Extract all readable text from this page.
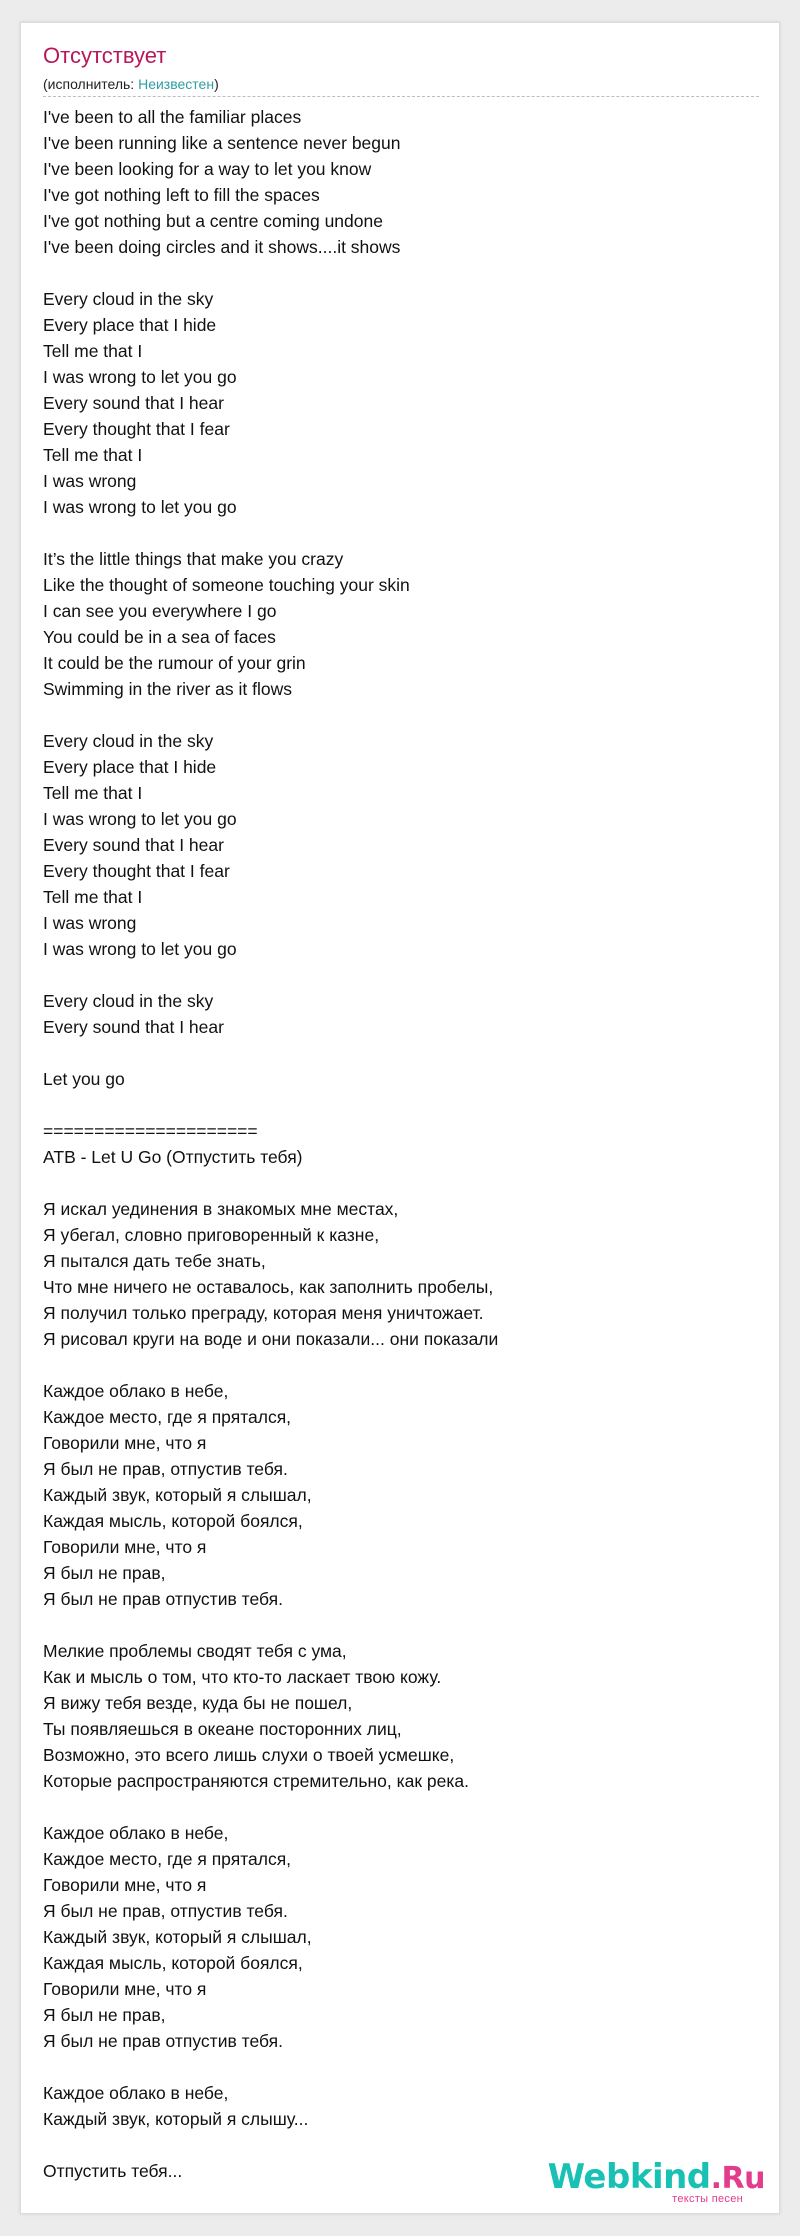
Отсутствует
(исполнитель: Неизвестен)
I've been to all the familiar places
I've been running like a sentence never begun
I've been looking for a way to let you know
I've got nothing left to fill the spaces
I've got nothing but a centre coming undone
I've been doing circles and it shows....it shows
Every cloud in the sky
Every place that I hide
Tell me that I
I was wrong to let you go
Every sound that I hear
Every thought that I fear
Tell me that I
I was wrong
I was wrong to let you go
It’s the little things that make you crazy
Like the thought of someone touching your skin
I can see you everywhere I go
You could be in a sea of faces
It could be the rumour of your grin
Swimming in the river as it flows
Every cloud in the sky
Every place that I hide
Tell me that I
I was wrong to let you go
Every sound that I hear
Every thought that I fear
Tell me that I
I was wrong
I was wrong to let you go
Every cloud in the sky
Every sound that I hear
Let you go
=====================
ATB - Let U Go (Отпустить тебя)
Я искал уединения в знакомых мне местах,
Я убегал, словно приговоренный к казне,
Я пытался дать тебе знать,
Что мне ничего не оставалось, как заполнить пробелы,
Я получил только преграду, которая меня уничтожает.
Я рисовал круги на воде и они показали... они показали
Каждое облако в небе,
Каждое место, где я прятался,
Говорили мне, что я
Я был не прав, отпустив тебя.
Каждый звук, который я слышал,
Каждая мысль, которой боялся,
Говорили мне, что я
Я был не прав,
Я был не прав отпустив тебя.
Мелкие проблемы сводят тебя с ума,
Как и мысль о том, что кто-то ласкает твою кожу.
Я вижу тебя везде, куда бы не пошел,
Ты появляешься в океане посторонних лиц,
Возможно, это всего лишь слухи о твоей усмешке,
Которые распространяются стремительно, как река.
Каждое облако в небе,
Каждое место, где я прятался,
Говорили мне, что я
Я был не прав, отпустив тебя.
Каждый звук, который я слышал,
Каждая мысль, которой боялся,
Говорили мне, что я
Я был не прав,
Я был не прав отпустив тебя.
Каждое облако в небе,
Каждый звук, который я слышу...
Отпустить тебя...	Webkind.Ru
тексты песен
